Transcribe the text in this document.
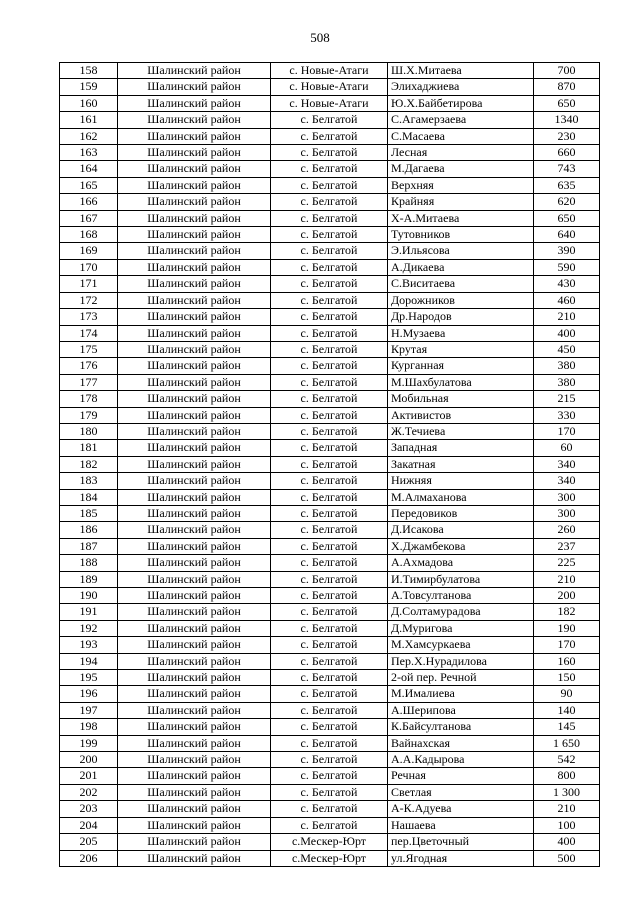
508
158	Шалинский район	с. Новые-Атаги	Ш.Х.Митаева	700
159	Шалинский район	с. Новые-Атаги	Элихаджиева	870
160	Шалинский район	с. Новые-Атаги	Ю.Х.Байбетирова	650
161	Шалинский район	с. Белгатой	С.Агамерзаева	1340
162	Шалинский район	с. Белгатой	С.Масаева	230
163	Шалинский район	с. Белгатой	Лесная	660
164	Шалинский район	с. Белгатой	М.Дагаева	743
165	Шалинский район	с. Белгатой	Верхняя	635
166	Шалинский район	с. Белгатой	Крайняя	620
167	Шалинский район	с. Белгатой	Х-А.Митаева	650
168	Шалинский район	с. Белгатой	Тутовников	640
169	Шалинский район	с. Белгатой	Э.Ильясова	390
170	Шалинский район	с. Белгатой	А.Дикаева	590
171	Шалинский район	с. Белгатой	С.Виситаева	430
172	Шалинский район	с. Белгатой	Дорожников	460
173	Шалинский район	с. Белгатой	Др.Народов	210
174	Шалинский район	с. Белгатой	Н.Музаева	400
175	Шалинский район	с. Белгатой	Крутая	450
176	Шалинский район	с. Белгатой	Курганная	380
177	Шалинский район	с. Белгатой	М.Шахбулатова	380
178	Шалинский район	с. Белгатой	Мобильная	215
179	Шалинский район	с. Белгатой	Активистов	330
180	Шалинский район	с. Белгатой	Ж.Течиева	170
181	Шалинский район	с. Белгатой	Западная	60
182	Шалинский район	с. Белгатой	Закатная	340
183	Шалинский район	с. Белгатой	Нижняя	340
184	Шалинский район	с. Белгатой	М.Алмаханова	300
185	Шалинский район	с. Белгатой	Передовиков	300
186	Шалинский район	с. Белгатой	Д.Исакова	260
187	Шалинский район	с. Белгатой	Х.Джамбекова	237
188	Шалинский район	с. Белгатой	А.Ахмадова	225
189	Шалинский район	с. Белгатой	И.Тимирбулатова	210
190	Шалинский район	с. Белгатой	А.Товсултанова	200
191	Шалинский район	с. Белгатой	Д.Солтамурадова	182
192	Шалинский район	с. Белгатой	Д.Муригова	190
193	Шалинский район	с. Белгатой	М.Хамсуркаева	170
194	Шалинский район	с. Белгатой	Пер.Х.Нурадилова	160
195	Шалинский район	с. Белгатой	2-ой пер. Речной	150
196	Шалинский район	с. Белгатой	М.Ималиева	90
197	Шалинский район	с. Белгатой	А.Шерипова	140
198	Шалинский район	с. Белгатой	К.Байсултанова	145
199	Шалинский район	с. Белгатой	Вайнахская	1 650
200	Шалинский район	с. Белгатой	А.А.Кадырова	542
201	Шалинский район	с. Белгатой	Речная	800
202	Шалинский район	с. Белгатой	Светлая	1 300
203	Шалинский район	с. Белгатой	А-К.Адуева	210
204	Шалинский район	с. Белгатой	Нашаева	100
205	Шалинский район	с.Мескер-Юрт	пер.Цветочный	400
206	Шалинский район	с.Мескер-Юрт	ул.Ягодная	500
